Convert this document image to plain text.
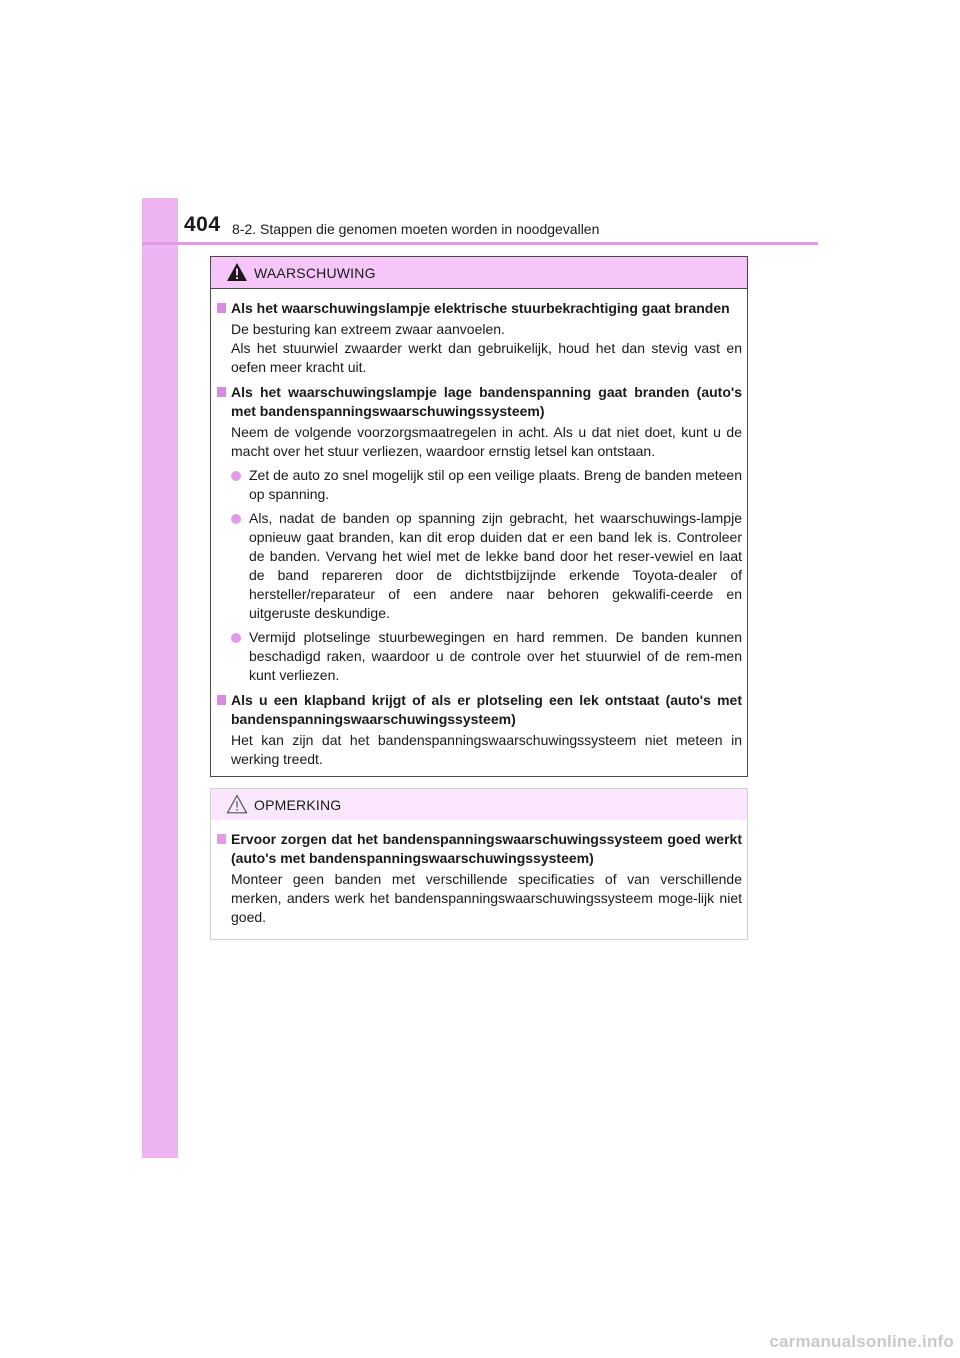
404 8-2. Stappen die genomen moeten worden in noodgevallen
WAARSCHUWING
Als het waarschuwingslampje elektrische stuurbekrachtiging gaat branden
De besturing kan extreem zwaar aanvoelen.
Als het stuurwiel zwaarder werkt dan gebruikelijk, houd het dan stevig vast en oefen meer kracht uit.
Als het waarschuwingslampje lage bandenspanning gaat branden (auto's met bandenspanningswaarschuwingssysteem)
Neem de volgende voorzorgsmaatregelen in acht. Als u dat niet doet, kunt u de macht over het stuur verliezen, waardoor ernstig letsel kan ontstaan.
Zet de auto zo snel mogelijk stil op een veilige plaats. Breng de banden meteen op spanning.
Als, nadat de banden op spanning zijn gebracht, het waarschuwings-lampje opnieuw gaat branden, kan dit erop duiden dat er een band lek is. Controleer de banden. Vervang het wiel met de lekke band door het reser-vewiel en laat de band repareren door de dichtstbijzijnde erkende Toyota-dealer of hersteller/reparateur of een andere naar behoren gekwalifi-ceerde en uitgeruste deskundige.
Vermijd plotselinge stuurbewegingen en hard remmen. De banden kunnen beschadigd raken, waardoor u de controle over het stuurwiel of de rem-men kunt verliezen.
Als u een klapband krijgt of als er plotseling een lek ontstaat (auto's met bandenspanningswaarschuwingssysteem)
Het kan zijn dat het bandenspanningswaarschuwingssysteem niet meteen in werking treedt.
OPMERKING
Ervoor zorgen dat het bandenspanningswaarschuwingssysteem goed werkt (auto's met bandenspanningswaarschuwingssysteem)
Monteer geen banden met verschillende specificaties of van verschillende merken, anders werk het bandenspanningswaarschuwingssysteem moge-lijk niet goed.
carmanualsonline.info
